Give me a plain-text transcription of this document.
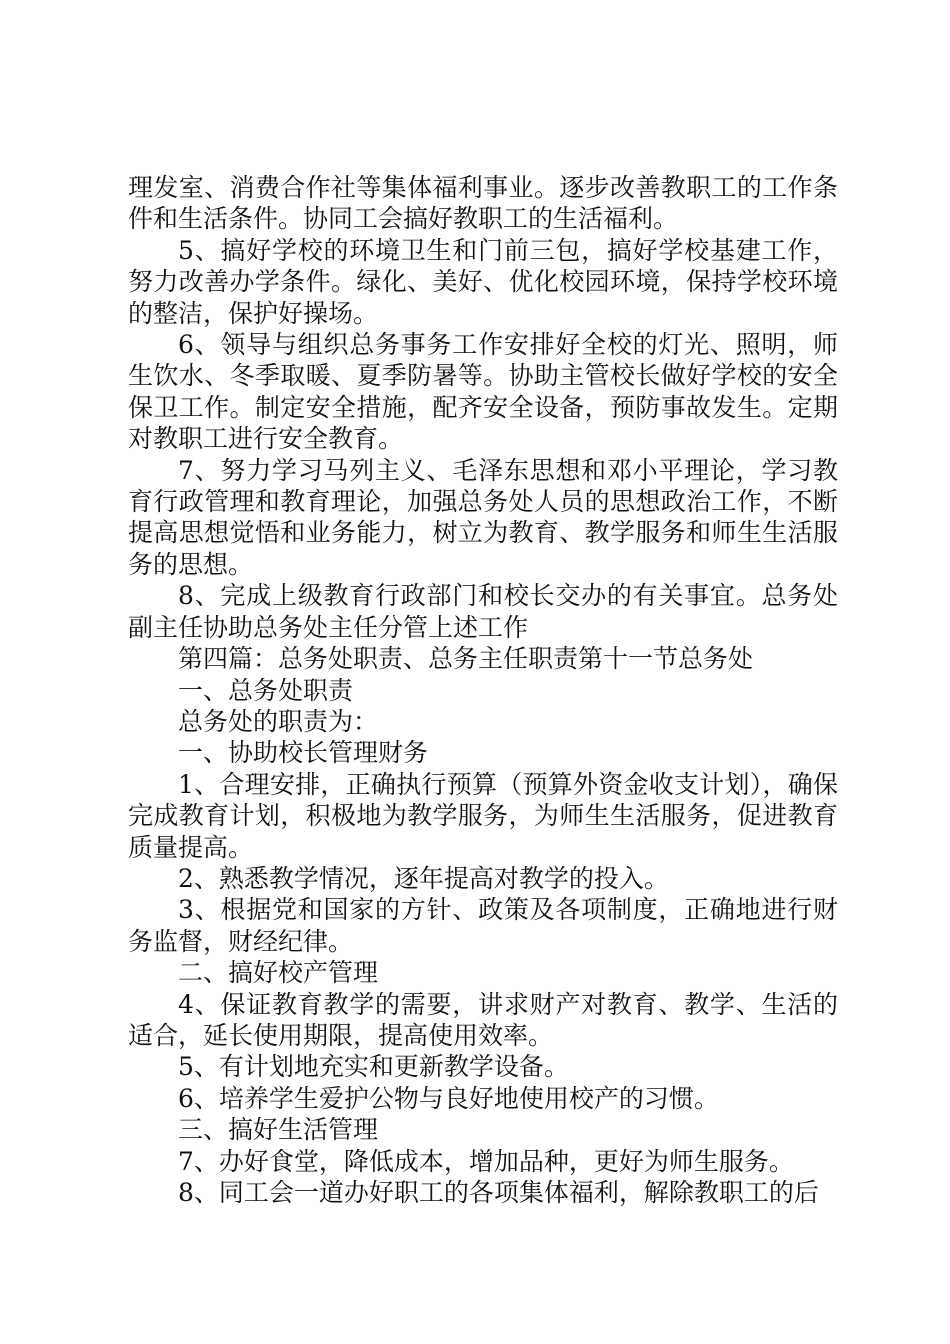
理发室、消费合作社等集体福利事业。逐步改善教职工的工作条件和生活条件。协同工会搞好教职工的生活福利。

5、搞好学校的环境卫生和门前三包，搞好学校基建工作，努力改善办学条件。绿化、美好、优化校园环境，保持学校环境的整洁，保护好操场。

6、领导与组织总务事务工作安排好全校的灯光、照明，师生饮水、冬季取暖、夏季防暑等。协助主管校长做好学校的安全保卫工作。制定安全措施，配齐安全设备，预防事故发生。定期对教职工进行安全教育。

7、努力学习马列主义、毛泽东思想和邓小平理论，学习教育行政管理和教育理论，加强总务处人员的思想政治工作，不断提高思想觉悟和业务能力，树立为教育、教学服务和师生生活服务的思想。

8、完成上级教育行政部门和校长交办的有关事宜。总务处副主任协助总务处主任分管上述工作

第四篇：总务处职责、总务主任职责第十一节总务处

一、总务处职责

总务处的职责为：

一、协助校长管理财务

1、合理安排，正确执行预算（预算外资金收支计划），确保完成教育计划，积极地为教学服务，为师生生活服务，促进教育质量提高。

2、熟悉教学情况，逐年提高对教学的投入。

3、根据党和国家的方针、政策及各项制度，正确地进行财务监督，财经纪律。

二、搞好校产管理

4、保证教育教学的需要，讲求财产对教育、教学、生活的适合，延长使用期限，提高使用效率。

5、有计划地充实和更新教学设备。

6、培养学生爱护公物与良好地使用校产的习惯。

三、搞好生活管理

7、办好食堂，降低成本，增加品种，更好为师生服务。

8、同工会一道办好职工的各项集体福利，解除教职工的后
